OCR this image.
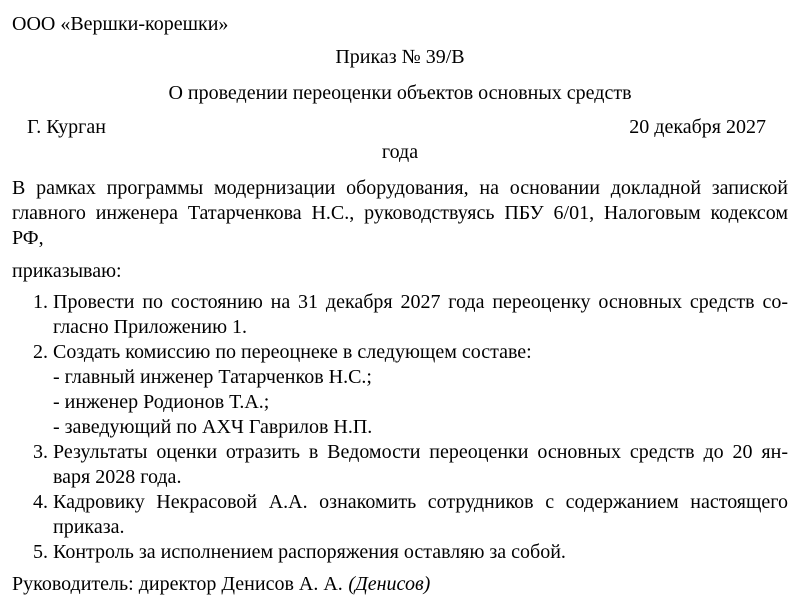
ООО «Вершки-корешки»

Приказ № 39/В

О проведении переоценки объектов основных средств

Г. Курган	20 декабря 2027

года

В рамках программы модернизации оборудования, на основании докладной запиской
главного инженера Татарченкова Н.С., руководствуясь ПБУ 6/01, Налоговым кодексом
РФ,

приказываю:

1. Провести по состоянию на 31 декабря 2027 года переоценку основных средств со-
гласно Приложению 1.
2. Создать комиссию по переоцнеке в следующем составе:
- главный инженер Татарченков Н.С.;
- инженер Родионов Т.А.;
- заведующий по АХЧ Гаврилов Н.П.
3. Результаты оценки отразить в Ведомости переоценки основных средств до 20 ян-
варя 2028 года.
4. Кадровику Некрасовой А.А. ознакомить сотрудников с содержанием настоящего
приказа.
5. Контроль за исполнением распоряжения оставляю за собой.

Руководитель: директор Денисов А. А. (Денисов)
